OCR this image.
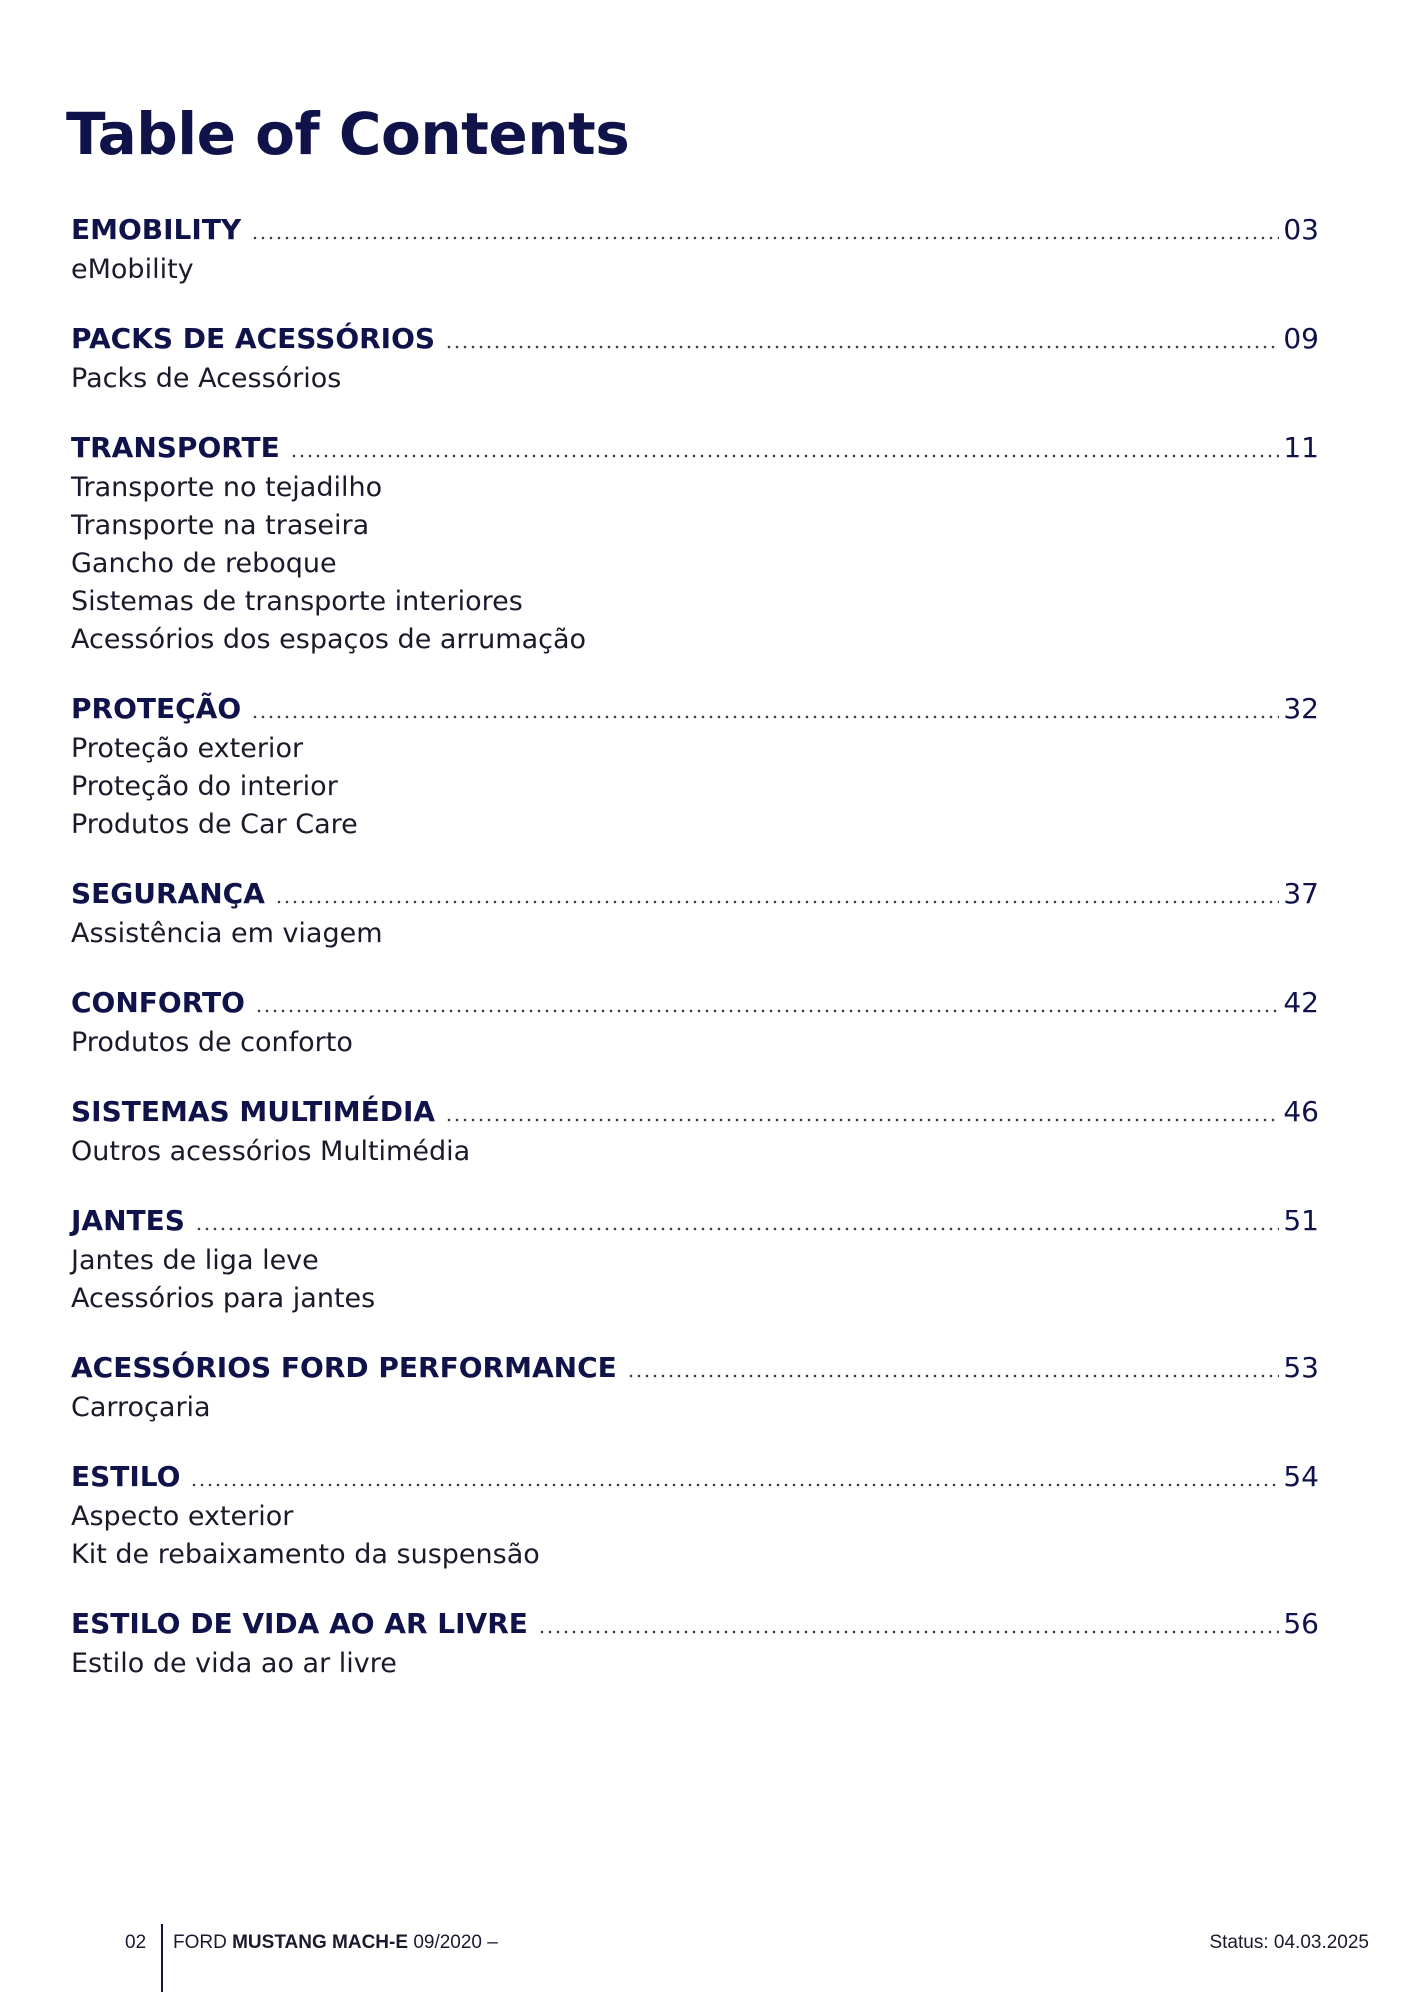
Table of Contents
EMOBILITY	03
eMobility
PACKS DE ACESSÓRIOS	09
Packs de Acessórios
TRANSPORTE	11
Transporte no tejadilho
Transporte na traseira
Gancho de reboque
Sistemas de transporte interiores
Acessórios dos espaços de arrumação
PROTEÇÃO	32
Proteção exterior
Proteção do interior
Produtos de Car Care
SEGURANÇA	37
Assistência em viagem
CONFORTO	42
Produtos de conforto
SISTEMAS MULTIMÉDIA	46
Outros acessórios Multimédia
JANTES	51
Jantes de liga leve
Acessórios para jantes
ACESSÓRIOS FORD PERFORMANCE	53
Carroçaria
ESTILO	54
Aspecto exterior
Kit de rebaixamento da suspensão
ESTILO DE VIDA AO AR LIVRE	56
Estilo de vida ao ar livre
02 FORD MUSTANG MACH-E 09/2020 –	Status: 04.03.2025
